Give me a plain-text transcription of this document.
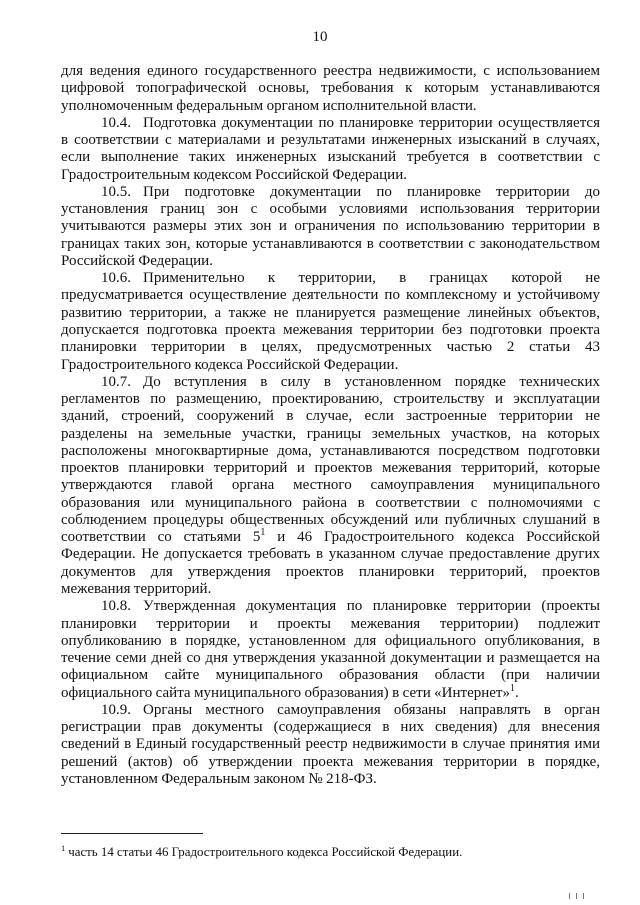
10
для ведения единого государственного реестра недвижимости, с использованием
цифровой топографической основы, требования к которым устанавливаются
уполномоченным федеральным органом исполнительной власти.
10.4. Подготовка документации по планировке территории осуществляется
в соответствии с материалами и результатами инженерных изысканий в случаях,
если выполнение таких инженерных изысканий требуется в соответствии с
Градостроительным кодексом Российской Федерации.
10.5. При подготовке документации по планировке территории до
установления границ зон с особыми условиями использования территории
учитываются размеры этих зон и ограничения по использованию территории в
границах таких зон, которые устанавливаются в соответствии с законодательством
Российской Федерации.
10.6. Применительно к территории, в границах которой не
предусматривается осуществление деятельности по комплексному и устойчивому
развитию территории, а также не планируется размещение линейных объектов,
допускается подготовка проекта межевания территории без подготовки проекта
планировки территории в целях, предусмотренных частью 2 статьи 43
Градостроительного кодекса Российской Федерации.
10.7. До вступления в силу в установленном порядке технических
регламентов по размещению, проектированию, строительству и эксплуатации
зданий, строений, сооружений в случае, если застроенные территории не
разделены на земельные участки, границы земельных участков, на которых
расположены многоквартирные дома, устанавливаются посредством подготовки
проектов планировки территорий и проектов межевания территорий, которые
утверждаются главой органа местного самоуправления муниципального
образования или муниципального района в соответствии с полномочиями с
соблюдением процедуры общественных обсуждений или публичных слушаний в
соответствии со статьями $5^1$ и 46 Градостроительного кодекса Российской
Федерации. Не допускается требовать в указанном случае предоставление других
документов для утверждения проектов планировки территорий, проектов
межевания территорий.
10.8. Утвержденная документация по планировке территории (проекты
планировки территории и проекты межевания территории) подлежит
опубликованию в порядке, установленном для официального опубликования, в
течение семи дней со дня утверждения указанной документации и размещается на
официальном сайте муниципального образования области (при наличии
официального сайта муниципального образования) в сети «Интернет»$^1$.
10.9. Органы местного самоуправления обязаны направлять в орган
регистрации прав документы (содержащиеся в них сведения) для внесения
сведений в Единый государственный реестр недвижимости в случае принятия ими
решений (актов) об утверждении проекта межевания территории в порядке,
установленном Федеральным законом № 218-ФЗ.
$^1$ часть 14 статьи 46 Градостроительного кодекса Российской Федерации.
